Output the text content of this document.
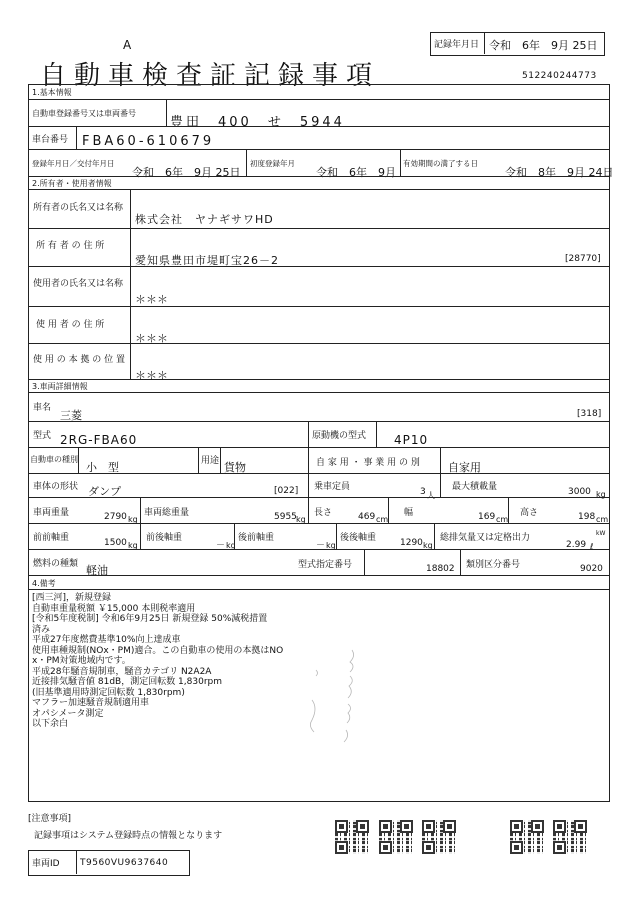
A
自動車検査証記録事項
記録年月日 令和　6年　9月 25日
512240244773
1.基本情報
自動車登録番号又は車両番号
豊田　400　せ　5944
車台番号 FBA60-610679
登録年月日／交付年月日
令和　6年　9月 25日
初度登録年月
令和　6年　9月
有効期間の満了する日
令和　8年　9月 24日
2.所有者・使用者情報
所有者の氏名又は名称
株式会社　ヤナギサワHD
所 有 者 の 住 所
愛知県豊田市堤町宝26－2	[28770]
使用者の氏名又は名称
＊＊＊
使 用 者 の 住 所
＊＊＊
使 用 の 本 拠 の 位 置
＊＊＊
3.車両詳細情報
車名
三菱	[318]
型式 2RG-FBA60	原動機の型式 4P10
自動車の種別
小　型	用途 貨物	自 家 用 ・ 事 業 用 の 別	自家用
車体の形状 ダンプ	[022] 乗車定員	3 人
最大積載量	3000 kg
車両重量	2790 kg
車両総重量	5955 kg
長さ	469 cm
幅	169 cm
高さ	198 cm
前前軸重	1500 kg
前後軸重
－ kg
後前軸重
－ kg
後後軸重	1290 kg
総排気量又は定格出力
2.99 ℓ
kW
燃料の種類 軽油	型式指定番号	18802 類別区分番号	9020
4.備考
[西三河]，新規登録
自動車重量税額 ￥15,000 本則税率適用
[令和5年度税制] 令和6年9月25日 新規登録 50%減税措置
済み
平成27年度燃費基準10%向上達成車
使用車種規制(NOx・PM)適合。この自動車の使用の本拠はNO
x・PM対策地域内です。
平成28年騒音規制車，騒音カテゴリ N2A2A
近接排気騒音値 81dB，測定回転数 1,830rpm
(旧基準適用時測定回転数 1,830rpm)
マフラー加速騒音規制適用車
オパシメータ測定
以下余白
[注意事項]
記録事項はシステム登録時点の情報となります
車両ID T9560VU9637640
